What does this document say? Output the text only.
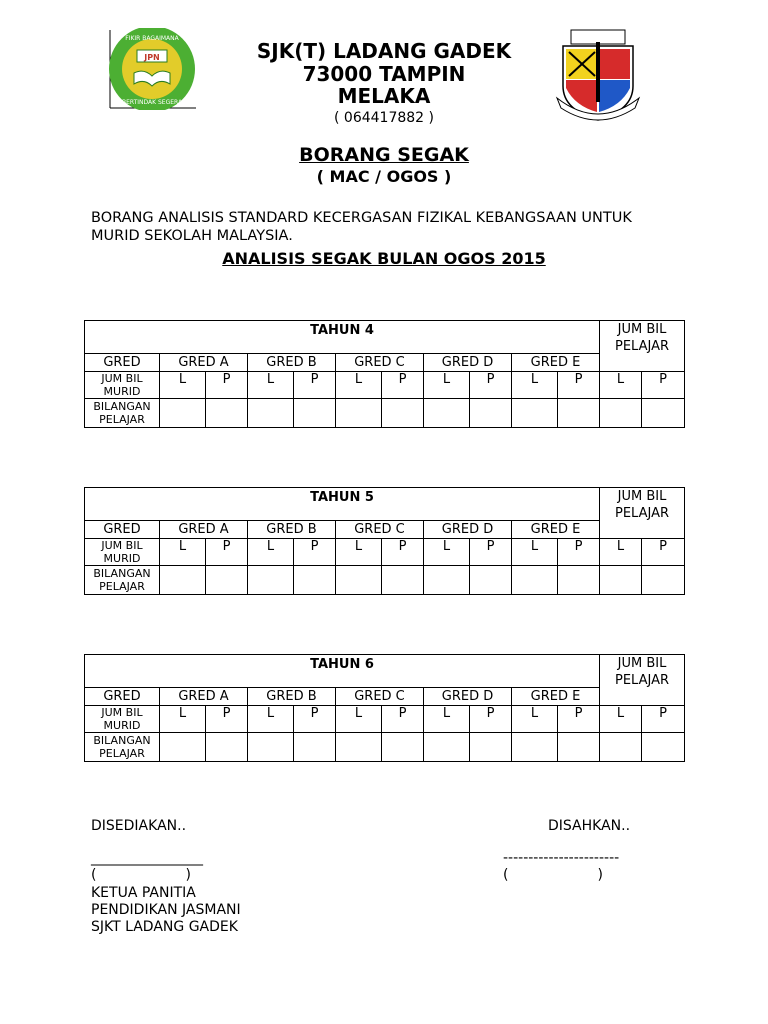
FIKIR BAGAIMANA
BERTINDAK SEGERA
JPN	SJK(T) LADANG GADEK
73000 TAMPIN
MELAKA
( 064417882 )
BORANG SEGAK
( MAC / OGOS )
BORANG ANALISIS STANDARD KECERGASAN FIZIKAL KEBANGSAAN UNTUK
MURID SEKOLAH MALAYSIA.
ANALISIS SEGAK BULAN OGOS 2015
TAHUN 4											JUM BIL
PELAJAR	

GRED	GRED A		GRED B		GRED C		GRED D		GRED E			

JUM BIL
MURID	L	P	L	P	L	P	L	P	L	P	L	P

BILANGAN
PELAJAR												

TAHUN 5											JUM BIL
PELAJAR	

GRED	GRED A		GRED B		GRED C		GRED D		GRED E			

JUM BIL
MURID	L	P	L	P	L	P	L	P	L	P	L	P

BILANGAN
PELAJAR												

TAHUN 6											JUM BIL
PELAJAR	

GRED	GRED A		GRED B		GRED C		GRED D		GRED E			

JUM BIL
MURID	L	P	L	P	L	P	L	P	L	P	L	P

BILANGAN
PELAJAR												

DISEDIAKAN..	DISAHKAN..
________________	-----------------------
(                    )	(                    )
KETUA PANITIA
PENDIDIKAN JASMANI
SJKT LADANG GADEK
